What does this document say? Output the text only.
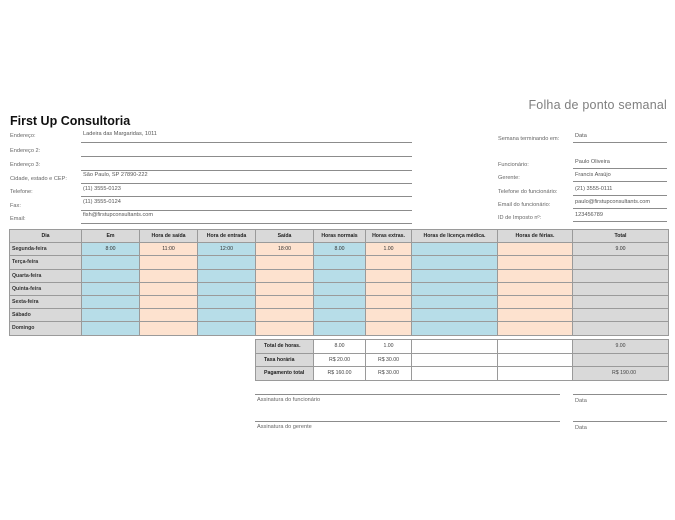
Folha de ponto semanal
First Up Consultoria
Endereço:	Ladeira das Margaridas, 1011
Endereço 2:
Endereço 3:
Cidade, estado e CEP:
São Paulo, SP 27890-222
Telefone:	(11) 3555-0123
Fax:
(11) 3555-0124
Email:
fish@firstupconsultants.com
Semana terminando em:	Data
Funcionário:	Paulo Oliveira
Gerente:	Francis Araújo
Telefone do funcionário:	(21) 3555-0111
Email do funcionário:	paulo@firstupconsultants.com
ID de Imposto nº:	123456789
Dia	Em	Hora de saída	Hora de entrada	Saída	Horas normais	Horas extras.	Horas de licença médica.	Horas de férias.	Total
Segunda-feira	8:00	11:00	12:00	18:00	8.00	1.00			9.00
Terça-feira									
Quarta-feira									
Quinta-feira									
Sexta-feira									
Sábado									
Domingo									
Total de horas.	8.00	1.00			9.00
Taxa horária	R$ 20.00	R$ 30.00			
Pagamento total	R$ 160.00	R$ 30.00			R$ 190.00
Assinatura do funcionário	Data
Assinatura do gerente	Data
